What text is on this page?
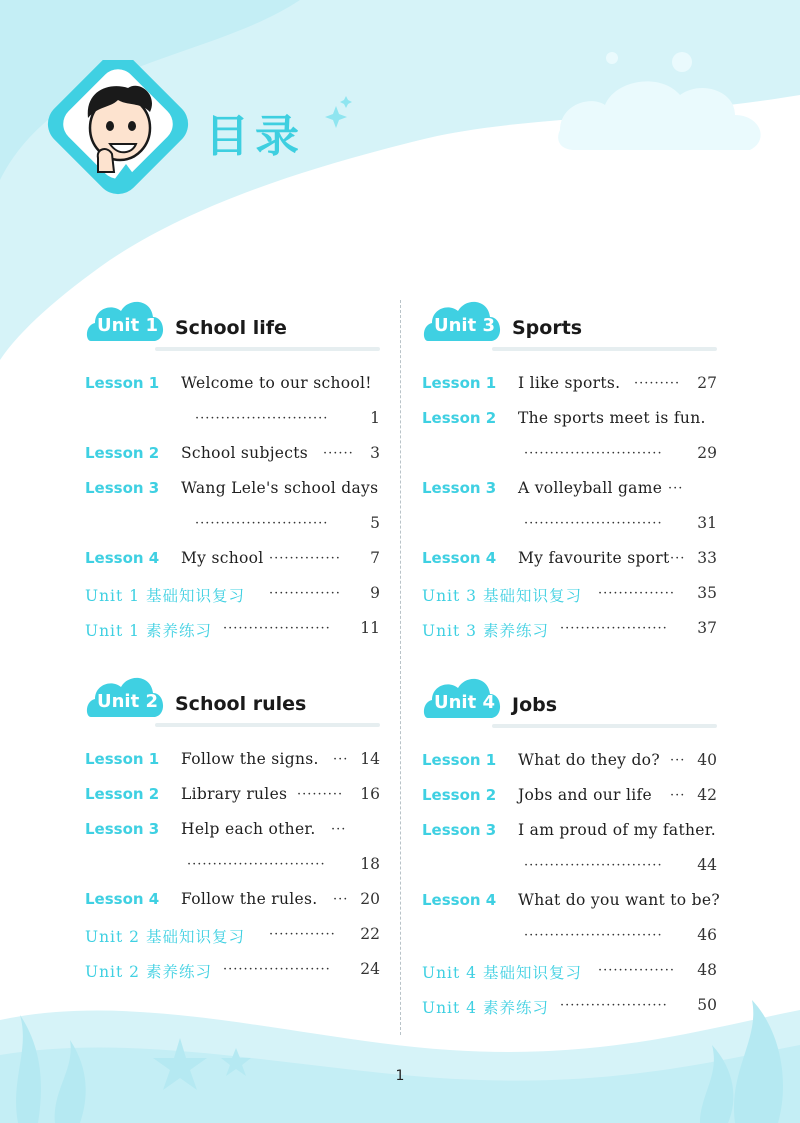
目录
Unit 1 School life
Lesson 1 Welcome to our school!
··························	1
Lesson 2 School subjects ······	3
Lesson 3 Wang Lele's school days
··························	5
Lesson 4 My school ··············	7
Unit 1 基础知识复习 ··············	9
Unit 1 素养练习 ·····················	11
Unit 2 School rules
Lesson 1 Follow the signs. ··· 14
Lesson 2 Library rules ·········	16
Lesson 3 Help each other. ···
···························	18
Lesson 4 Follow the rules. ··· 20
Unit 2 基础知识复习 ·············	22
Unit 2 素养练习 ·····················	24
Unit 3 Sports
Lesson 1 I like sports. ·········	27
Lesson 2 The sports meet is fun.
···························	29
Lesson 3 A volleyball game ···
···························	31
Lesson 4 My favourite sport ··· 33
Unit 3 基础知识复习 ···············	35
Unit 3 素养练习 ·····················	37
Unit 4 Jobs
Lesson 1 What do they do? ··· 40
Lesson 2 Jobs and our life ··· 42
Lesson 3 I am proud of my father.
···························	44
Lesson 4 What do you want to be?
···························	46
Unit 4 基础知识复习 ···············	48
Unit 4 素养练习 ·····················	50
1
